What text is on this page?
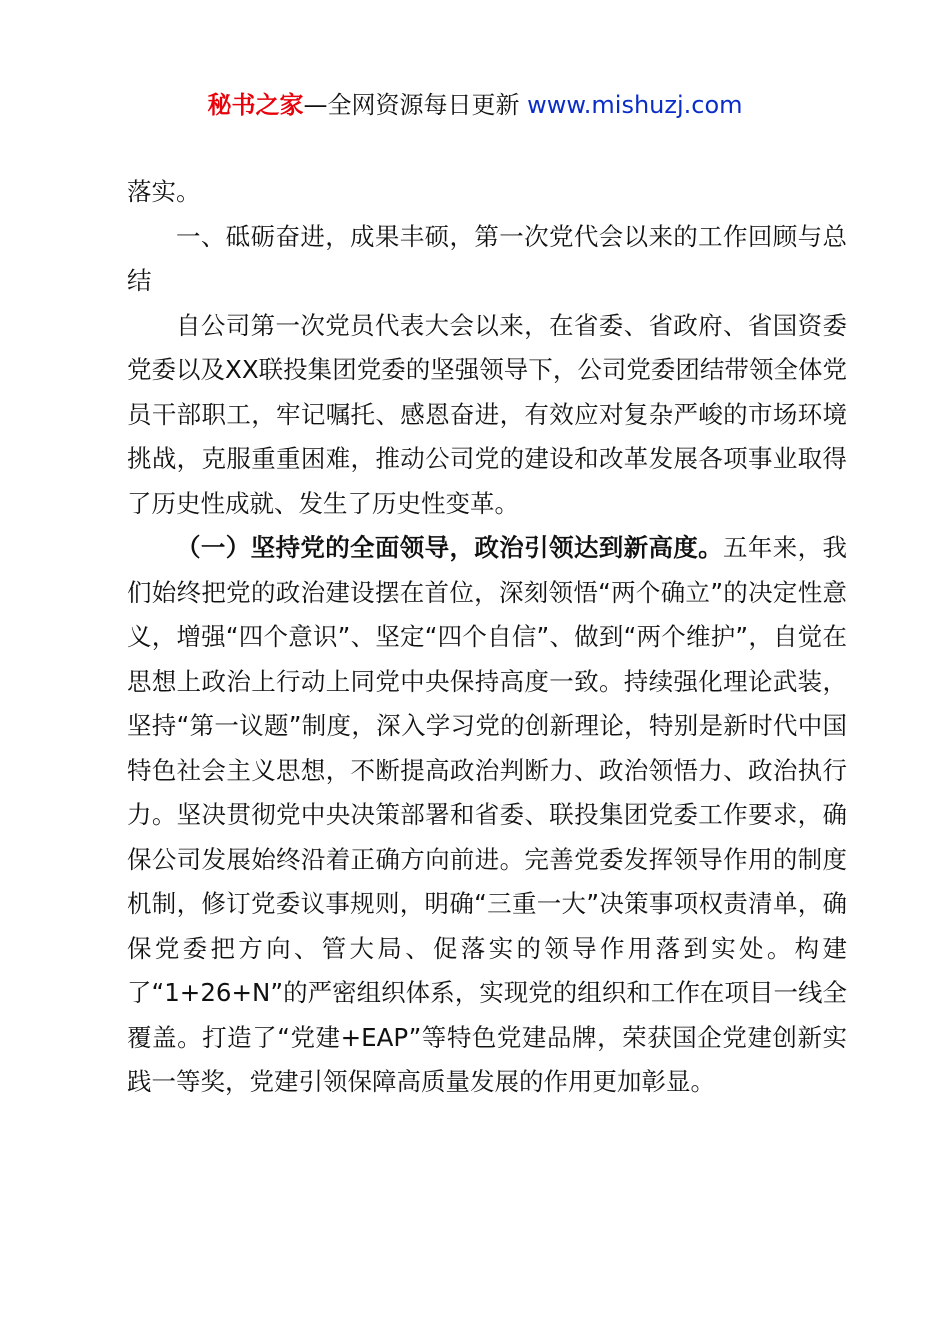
秘书之家—全网资源每日更新 www.mishuzj.com

落实。

一、砥砺奋进，成果丰硕，第一次党代会以来的工作回顾与总结

自公司第一次党员代表大会以来，在省委、省政府、省国资委党委以及XX联投集团党委的坚强领导下，公司党委团结带领全体党员干部职工，牢记嘱托、感恩奋进，有效应对复杂严峻的市场环境挑战，克服重重困难，推动公司党的建设和改革发展各项事业取得了历史性成就、发生了历史性变革。

（一）坚持党的全面领导，政治引领达到新高度。五年来，我们始终把党的政治建设摆在首位，深刻领悟“两个确立”的决定性意义，增强“四个意识”、坚定“四个自信”、做到“两个维护”，自觉在思想上政治上行动上同党中央保持高度一致。持续强化理论武装，坚持“第一议题”制度，深入学习党的创新理论，特别是新时代中国特色社会主义思想，不断提高政治判断力、政治领悟力、政治执行力。坚决贯彻党中央决策部署和省委、联投集团党委工作要求，确保公司发展始终沿着正确方向前进。完善党委发挥领导作用的制度机制，修订党委议事规则，明确“三重一大”决策事项权责清单，确保党委把方向、管大局、促落实的领导作用落到实处。构建了“1+26+N”的严密组织体系，实现党的组织和工作在项目一线全覆盖。打造了“党建+EAP”等特色党建品牌，荣获国企党建创新实践一等奖，党建引领保障高质量发展的作用更加彰显。
